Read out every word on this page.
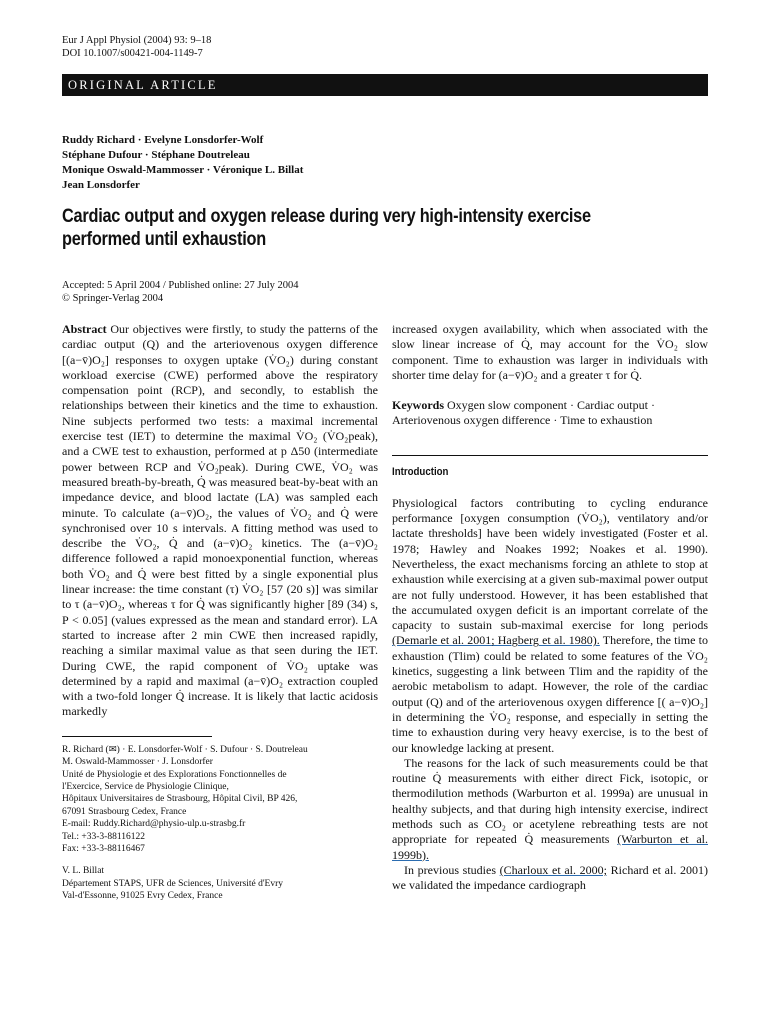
Eur J Appl Physiol (2004) 93: 9–18
DOI 10.1007/s00421-004-1149-7
ORIGINAL ARTICLE
Ruddy Richard · Evelyne Lonsdorfer-Wolf
Stéphane Dufour · Stéphane Doutreleau
Monique Oswald-Mammosser · Véronique L. Billat
Jean Lonsdorfer
Cardiac output and oxygen release during very high-intensity exercise
performed until exhaustion
Accepted: 5 April 2004 / Published online: 27 July 2004
© Springer-Verlag 2004
Abstract Our objectives were firstly, to study the patterns of the cardiac output (Q) and the arteriovenous oxygen difference [(a−v̄)O₂] responses to oxygen uptake (V̇O₂) during constant workload exercise (CWE) performed above the respiratory compensation point (RCP), and secondly, to establish the relationships between their kinetics and the time to exhaustion. Nine subjects performed two tests: a maximal incremental exercise test (IET) to determine the maximal V̇O₂ (V̇O₂peak), and a CWE test to exhaustion, performed at p Δ50 (intermediate power between RCP and V̇O₂peak). During CWE, V̇O₂ was measured breath-by-breath, Q̇ was measured beat-by-beat with an impedance device, and blood lactate (LA) was sampled each minute. To calculate (a−v̄)O₂, the values of V̇O₂ and Q̇ were synchronised over 10 s intervals. A fitting method was used to describe the V̇O₂, Q̇ and (a−v̄)O₂ kinetics. The (a−v̄)O₂ difference followed a rapid monoexponential function, whereas both V̇O₂ and Q̇ were best fitted by a single exponential plus linear increase: the time constant (τ) V̇O₂ [57 (20 s)] was similar to τ (a−v̄)O₂, whereas τ for Q̇ was significantly higher [89 (34) s, P < 0.05] (values expressed as the mean and standard error). LA started to increase after 2 min CWE then increased rapidly, reaching a similar maximal value as that seen during the IET. During CWE, the rapid component of V̇O₂ uptake was determined by a rapid and maximal (a−v̄)O₂ extraction coupled with a two-fold longer Q̇ increase. It is likely that lactic acidosis markedly

R. Richard (✉) · E. Lonsdorfer-Wolf · S. Dufour · S. Doutreleau

M. Oswald-Mammosser · J. Lonsdorfer

Unité de Physiologie et des Explorations Fonctionnelles de

l'Exercice, Service de Physiologie Clinique,

Hôpitaux Universitaires de Strasbourg, Hôpital Civil, BP 426,

67091 Strasbourg Cedex, France

E-mail: Ruddy.Richard@physio-ulp.u-strasbg.fr

Tel.: +33-3-88116122

Fax: +33-3-88116467

V. L. Billat

Département STAPS, UFR de Sciences, Université d'Evry

Val-d'Essonne, 91025 Evry Cedex, France

increased oxygen availability, which when associated with the slow linear increase of Q̇, may account for the V̇O₂ slow component. Time to exhaustion was larger in individuals with shorter time delay for (a−v̄)O₂ and a greater τ for Q̇.
Keywords Oxygen slow component · Cardiac output · Arteriovenous oxygen difference · Time to exhaustion
Introduction

Physiological factors contributing to cycling endurance performance [oxygen consumption (V̇O₂), ventilatory and/or lactate thresholds] have been widely investigated (Foster et al. 1978; Hawley and Noakes 1992; Noakes et al. 1990). Nevertheless, the exact mechanisms forcing an athlete to stop at exhaustion while exercising at a given sub-maximal power output are not fully understood. However, it has been established that the accumulated oxygen deficit is an important correlate of the capacity to sustain sub-maximal exercise for long periods (Demarle et al. 2001; Hagberg et al. 1980). Therefore, the time to exhaustion (Tlim) could be related to some features of the V̇O₂ kinetics, suggesting a link between Tlim and the rapidity of the aerobic metabolism to adapt. However, the role of the cardiac output (Q) and of the arteriovenous oxygen difference [( a−v̄)O₂] in determining the V̇O₂ response, and especially in setting the time to exhaustion during very heavy exercise, is to the best of our knowledge lacking at present.

The reasons for the lack of such measurements could be that routine Q̇ measurements with either direct Fick, isotopic, or thermodilution methods (Warburton et al. 1999a) are unusual in healthy subjects, and that during high intensity exercise, indirect methods such as CO₂ or acetylene rebreathing tests are not appropriate for repeated Q̇ measurements (Warburton et al. 1999b).

In previous studies (Charloux et al. 2000; Richard et al. 2001) we validated the impedance cardiograph
